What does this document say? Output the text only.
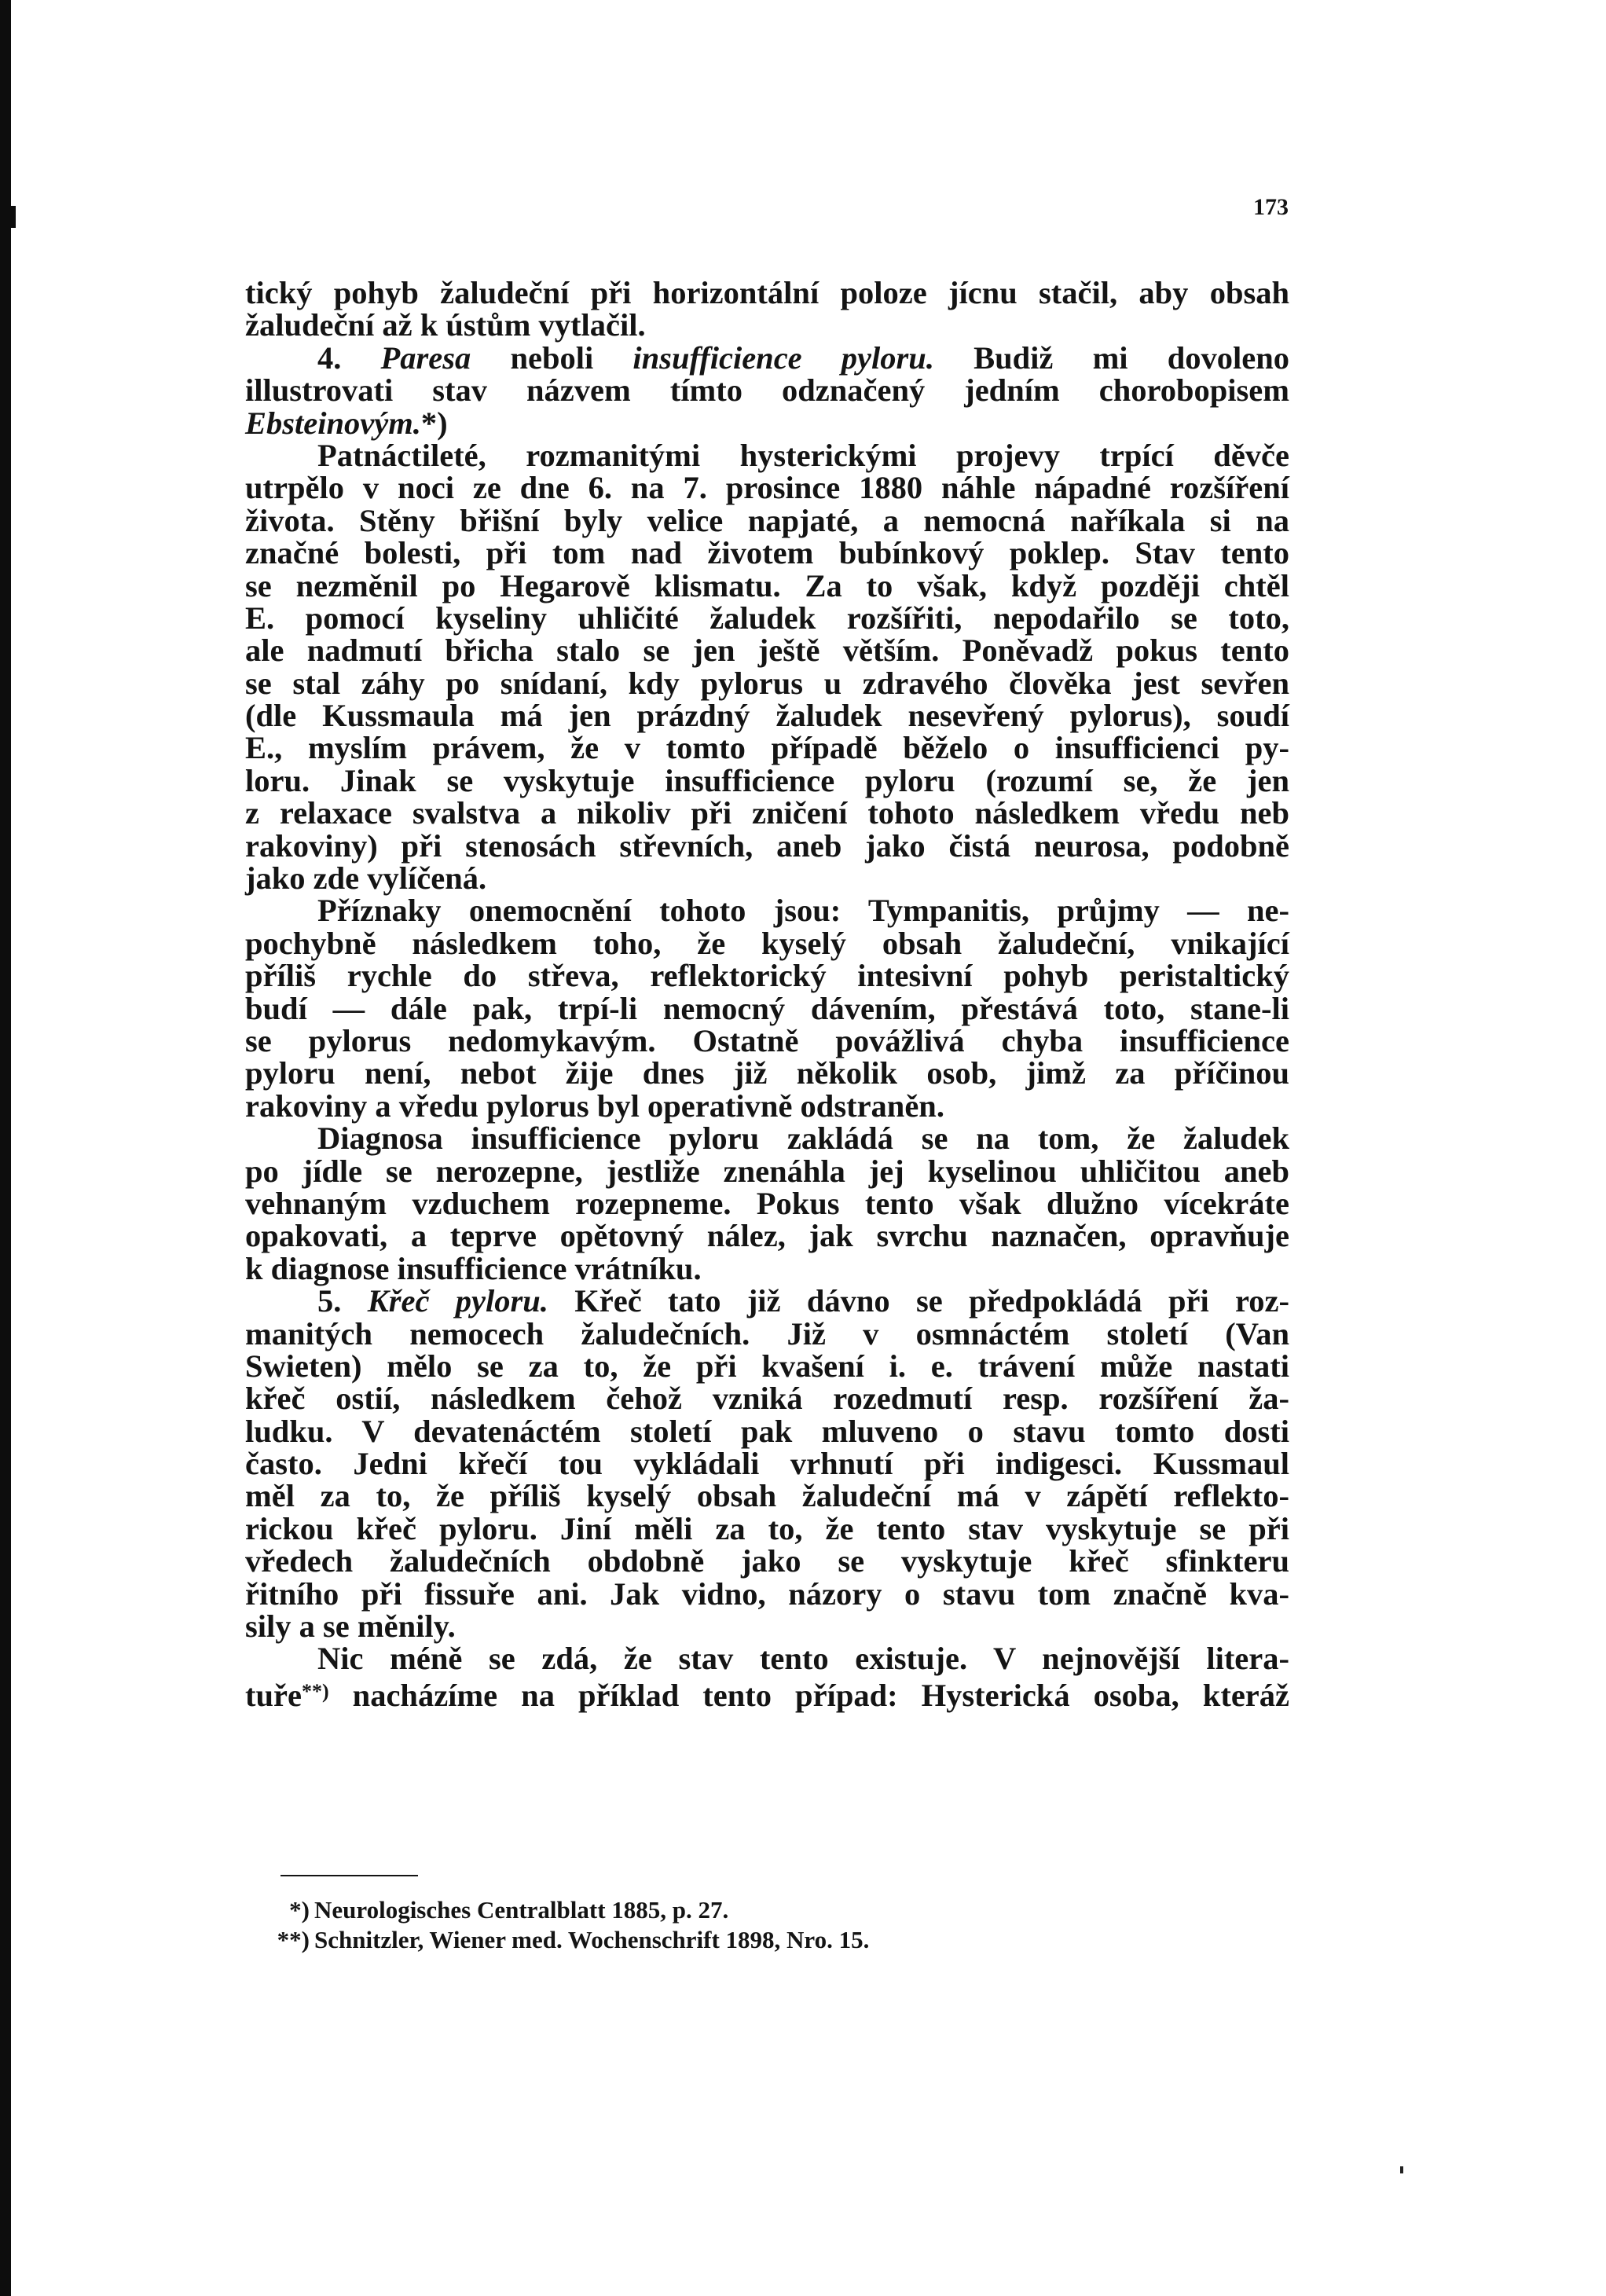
173
tický pohyb žaludeční při horizontální poloze jícnu stačil, aby obsah
žaludeční až k ústům vytlačil.
4. Paresa neboli insufficience pyloru. Budiž mi dovoleno
illustrovati stav názvem tímto odznačený jedním chorobopisem
Ebsteinovým.*)
Patnáctileté, rozmanitými hysterickými projevy trpící děvče
utrpělo v noci ze dne 6. na 7. prosince 1880 náhle nápadné rozšíření
života. Stěny břišní byly velice napjaté, a nemocná naříkala si na
značné bolesti, při tom nad životem bubínkový poklep. Stav tento
se nezměnil po Hegarově klismatu. Za to však, když později chtěl
E. pomocí kyseliny uhličité žaludek rozšířiti, nepodařilo se toto,
ale nadmutí břicha stalo se jen ještě větším. Poněvadž pokus tento
se stal záhy po snídaní, kdy pylorus u zdravého člověka jest sevřen
(dle Kussmaula má jen prázdný žaludek nesevřený pylorus), soudí
E., myslím právem, že v tomto případě běželo o insufficienci py-
loru. Jinak se vyskytuje insufficience pyloru (rozumí se, že jen
z relaxace svalstva a nikoliv při zničení tohoto následkem vředu neb
rakoviny) při stenosách střevních, aneb jako čistá neurosa, podobně
jako zde vylíčená.
Příznaky onemocnění tohoto jsou: Tympanitis, průjmy — ne-
pochybně následkem toho, že kyselý obsah žaludeční, vnikající
příliš rychle do střeva, reflektorický intesivní pohyb peristaltický
budí — dále pak, trpí-li nemocný dávením, přestává toto, stane-li
se pylorus nedomykavým. Ostatně povážlivá chyba insufficience
pyloru není, nebot žije dnes již několik osob, jimž za příčinou
rakoviny a vředu pylorus byl operativně odstraněn.
Diagnosa insufficience pyloru zakládá se na tom, že žaludek
po jídle se nerozepne, jestliže znenáhla jej kyselinou uhličitou aneb
vehnaným vzduchem rozepneme. Pokus tento však dlužno vícekráte
opakovati, a teprve opětovný nález, jak svrchu naznačen, opravňuje
k diagnose insufficience vrátníku.
5. Křeč pyloru. Křeč tato již dávno se předpokládá při roz-
manitých nemocech žaludečních. Již v osmnáctém století (Van
Swieten) mělo se za to, že při kvašení i. e. trávení může nastati
křeč ostií, následkem čehož vzniká rozedmutí resp. rozšíření ža-
ludku. V devatenáctém století pak mluveno o stavu tomto dosti
často. Jedni křečí tou vykládali vrhnutí při indigesci. Kussmaul
měl za to, že příliš kyselý obsah žaludeční má v zápětí reflekto-
rickou křeč pyloru. Jiní měli za to, že tento stav vyskytuje se při
vředech žaludečních obdobně jako se vyskytuje křeč sfinkteru
řitního při fissuře ani. Jak vidno, názory o stavu tom značně kva-
sily a se měnily.
Nic méně se zdá, že stav tento existuje. V nejnovější litera-
tuře**) nacházíme na příklad tento případ: Hysterická osoba, kteráž
*) Neurologisches Centralblatt 1885, p. 27.
**) Schnitzler, Wiener med. Wochenschrift 1898, Nro. 15.
